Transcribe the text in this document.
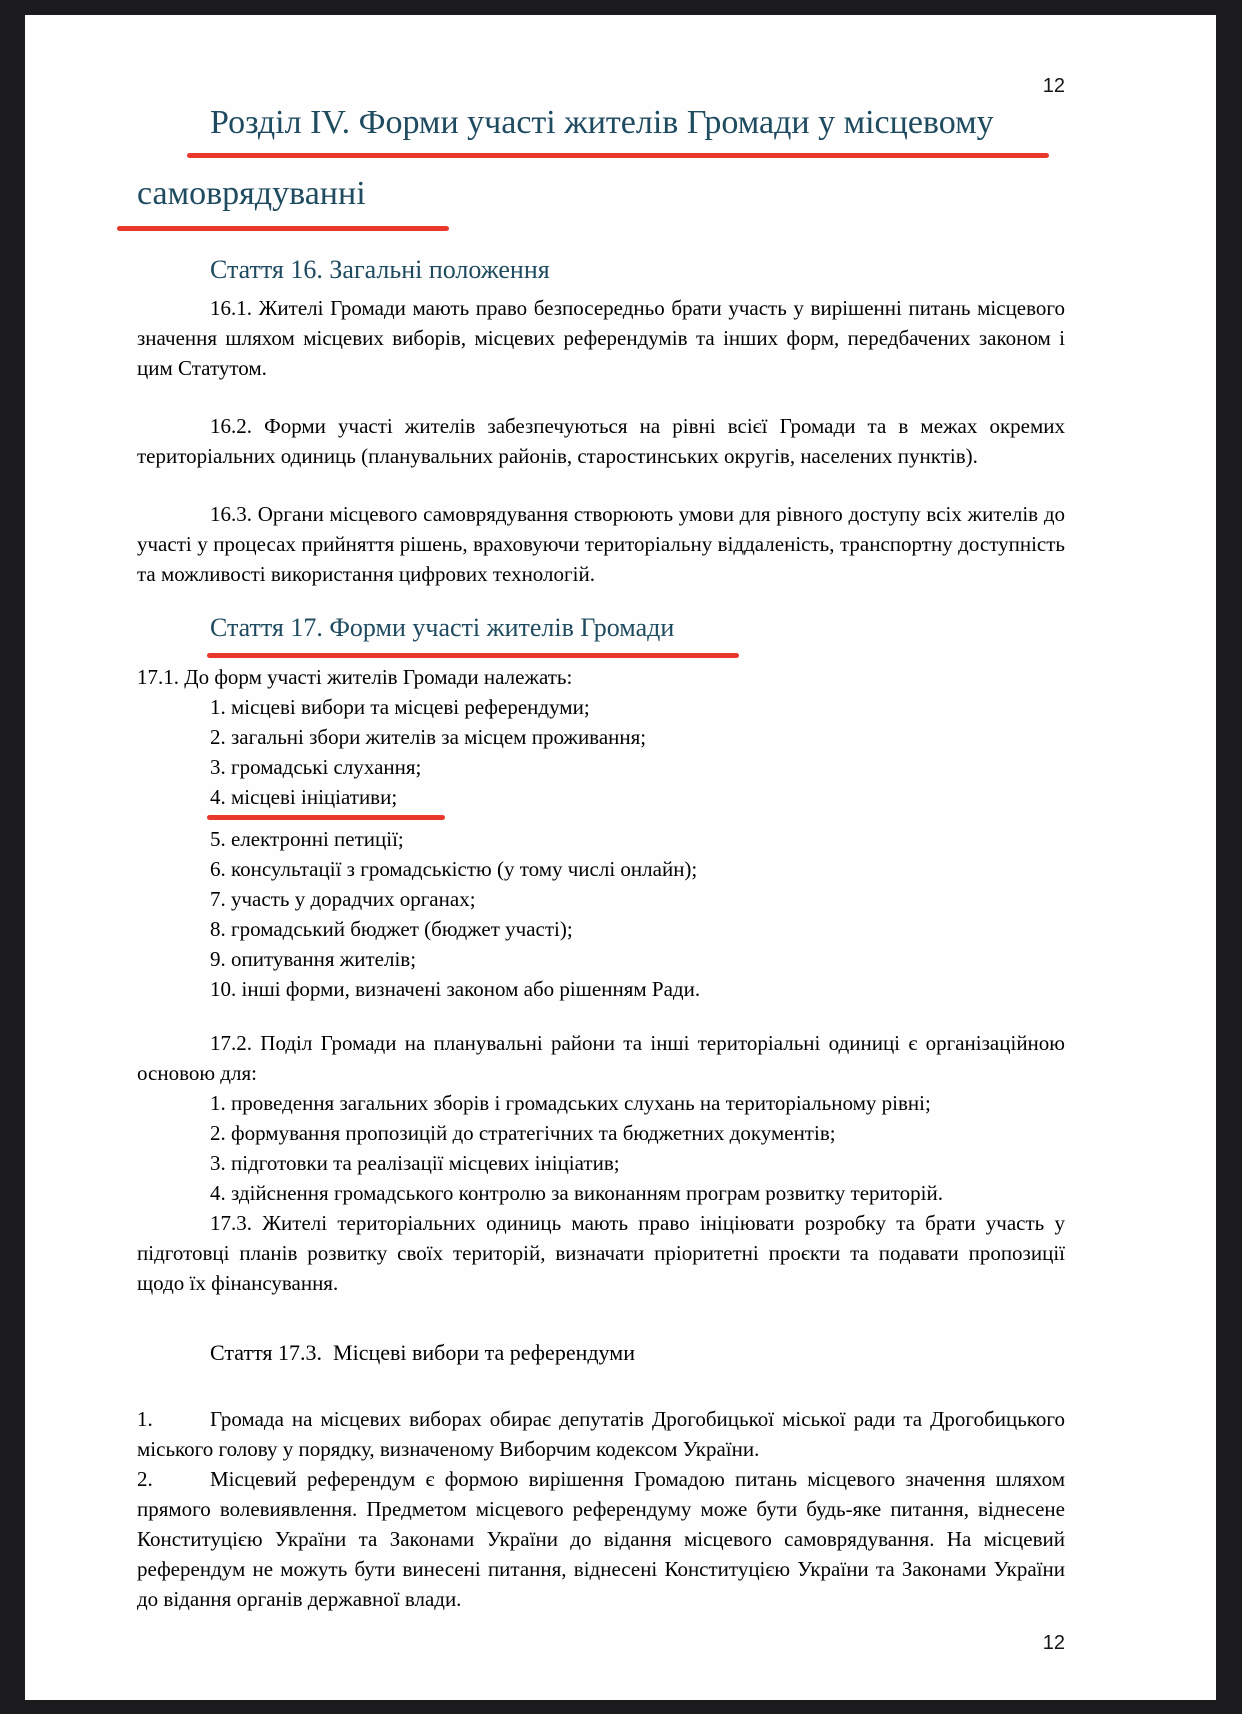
12
Розділ IV. Форми участі жителів Громади у місцевому
самоврядуванні
Стаття 16. Загальні положення

16.1. Жителі Громади мають право безпосередньо брати участь у вирішенні питань місцевого значення шляхом місцевих виборів, місцевих референдумів та інших форм, передбачених законом і цим Статутом.

16.2. Форми участі жителів забезпечуються на рівні всієї Громади та в межах окремих територіальних одиниць (планувальних районів, старостинських округів, населених пунктів).

16.3. Органи місцевого самоврядування створюють умови для рівного доступу всіх жителів до участі у процесах прийняття рішень, враховуючи територіальну віддаленість, транспортну доступність та можливості використання цифрових технологій.

Стаття 17. Форми участі жителів Громади

17.1. До форм участі жителів Громади належать:

1. місцеві вибори та місцеві референдуми;
2. загальні збори жителів за місцем проживання;
3. громадські слухання;
4. місцеві ініціативи;
5. електронні петиції;
6. консультації з громадськістю (у тому числі онлайн);
7. участь у дорадчих органах;
8. громадський бюджет (бюджет участі);
9. опитування жителів;
10. інші форми, визначені законом або рішенням Ради.

17.2. Поділ Громади на планувальні райони та інші територіальні одиниці є організаційною основою для:

1. проведення загальних зборів і громадських слухань на територіальному рівні;
2. формування пропозицій до стратегічних та бюджетних документів;
3. підготовки та реалізації місцевих ініціатив;
4. здійснення громадського контролю за виконанням програм розвитку територій.

17.3. Жителі територіальних одиниць мають право ініціювати розробку та брати участь у підготовці планів розвитку своїх територій, визначати пріоритетні проєкти та подавати пропозиції щодо їх фінансування.

Стаття 17.3.  Місцеві вибори та референдуми

1.	Громада на місцевих виборах обирає депутатів Дрогобицької міської ради та Дрогобицького міського голову у порядку, визначеному Виборчим кодексом України.

2.	Місцевий референдум є формою вирішення Громадою питань місцевого значення шляхом прямого волевиявлення. Предметом місцевого референдуму може бути будь-яке питання, віднесене Конституцією України та Законами України до відання місцевого самоврядування. На місцевий референдум не можуть бути винесені питання, віднесені Конституцією України та Законами України до відання органів державної влади.

12
